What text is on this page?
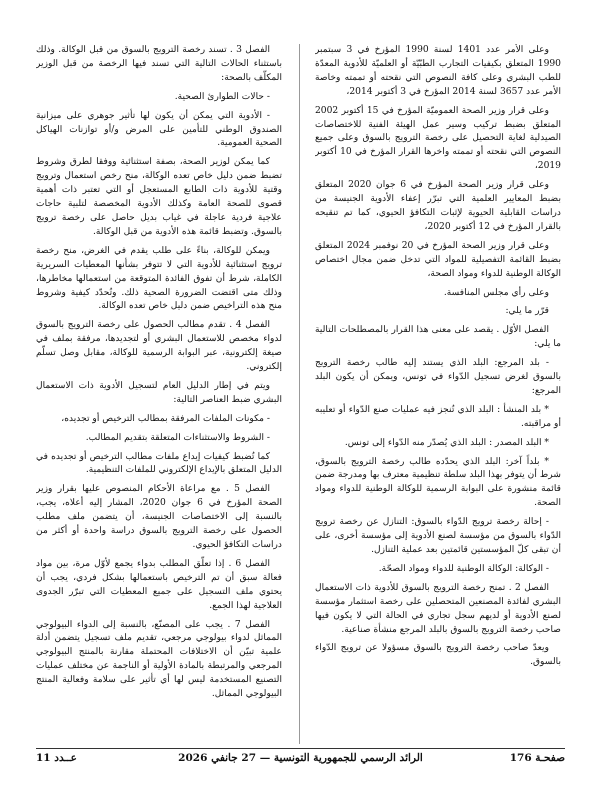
وعلى الأمر عدد 1401 لسنة 1990 المؤرخ في 3 سبتمبر 1990 المتعلق بكيفيات التجارب الطبّيّة أو العلميّة للأدوية المعدّة للطب البشري وعلى كافة النصوص التي نقحته أو تممته وخاصة الأمر عدد 3657 لسنة 2014 المؤرخ في 3 أكتوبر 2014،

وعلى قرار وزير الصحة العموميّة المؤرخ في 15 أكتوبر 2002 المتعلق بضبط تركيب وسير عمل الهيئة الفنية للاختصاصات الصيدلية لغاية التحصيل على رخصة الترويج بالسوق وعلى جميع النصوص التي نقحته أو تممته واخرها القرار المؤرخ في 10 أكتوبر 2019،

وعلى قرار وزير الصحة المؤرخ في 6 جوان 2020 المتعلق بضبط المعايير العلمية التي تبرّر إعفاء الأدوية الجنيسة من دراسات القابلية الحيوية لإثبات التكافؤ الحيوي، كما تم تنقيحه بالقرار المؤرخ في 12 أكتوبر 2020،

وعلى قرار وزير الصحة المؤرخ في 20 نوفمبر 2024 المتعلق بضبط القائمة التفصيلية للمواد التي تدخل ضمن مجال اختصاص الوكالة الوطنية للدواء ومواد الصحة،

وعلى رأي مجلس المنافسة.

قرّر ما يلي:

الفصل الأوّل . يقصد على معنى هذا القرار بالمصطلحات التالية ما يلي:

- بلد المرجع: البلد الذي يستند إليه طالب رخصة الترويج بالسوق لغرض تسجيل الدّواء في تونس، ويمكن أن يكون البلد المرجع:

* بلد المنشأ : البلد الذي تُنجز فيه عمليات صنع الدّواء أو تعليبه أو مراقبته.

* البلد المصدر : البلد الذي يُصدّر منه الدّواء إلى تونس.

* بلداً آخر: البلد الذي يحدّده طالب رخصة الترويج بالسوق، شرط أن يتوفر بهذا البلد سلطة تنظيمية معترف بها ومدرجة ضمن قائمة منشورة على البوابة الرسمية للوكالة الوطنية للدواء ومواد الصحة.

- إحالة رخصة ترويج الدّواء بالسوق: التنازل عن رخصة ترويج الدّواء بالسوق من مؤسسة لصنع الأدوية إلى مؤسسة أخرى، على أن تبقى كلّ المؤسستين قائمتين بعد عملية التنازل.

- الوكالة: الوكالة الوطنية للدواء ومواد الصحّة.

الفصل 2 . تمنح رخصة الترويج بالسوق للأدوية ذات الاستعمال البشري لفائدة المصنعين المتحصلين على رخصة استثمار مؤسسة لصنع الأدوية أو لديهم سجل تجاري في الحالة التي لا يكون فيها صاحب رخصة الترويج بالسوق بالبلد المرجع منشأة صناعية.

ويعدّ صاحب رخصة الترويج بالسوق مسؤولا عن ترويج الدّواء بالسوق.

الفصل 3 . تسند رخصة الترويج بالسوق من قبل الوكالة. وذلك باستثناء الحالات التالية التي تسند فيها الرخصة من قبل الوزير المكلّف بالصحة:

- حالات الطوارئ الصحية.

- الأدوية التي يمكن أن يكون لها تأثير جوهري على ميزانية الصندوق الوطني للتأمين على المرض و/أو توازنات الهياكل الصحية العمومية.

كما يمكن لوزير الصحة، بصفة استثنائية ووفقا لطرق وشروط تضبط ضمن دليل خاص تعده الوكالة، منح رخص استعمال وترويج وقتية للأدوية ذات الطابع المستعجل أو التي تعتبر ذات أهمية قصوى للصحة العامة وكذلك الأدوية المخصصة لتلبية حاجات علاجية فردية عاجلة في غياب بديل حاصل على رخصة ترويج بالسوق. وتضبط قائمة هذه الأدوية من قبل الوكالة.

ويمكن للوكالة، بناءً على طلب يقدم في الغرض، منح رخصة ترويج استثنائية للأدوية التي لا تتوفر بشأنها المعطيات السريرية الكاملة، شرط أن تفوق الفائدة المتوقعة من استعمالها مخاطرها، وذلك متى اقتضت الضرورة الصحية ذلك. وتُحدّد كيفية وشروط منح هذه التراخيص ضمن دليل خاص تعده الوكالة.

الفصل 4 . تقدم مطالب الحصول على رخصة الترويج بالسوق لدواء مخصص للاستعمال البشري أو لتجديدها، مرفقة بملف في صيغة إلكترونية، عبر البوابة الرسمية للوكالة، مقابل وصل تسلّم إلكتروني.

ويتم في إطار الدليل العام لتسجيل الأدوية ذات الاستعمال البشري ضبط العناصر التالية:

- مكونات الملفات المرفقة بمطالب الترخيص أو تجديده،

- الشروط والاستثناءات المتعلقة بتقديم المطالب.

كما تُضبط كيفيات إيداع ملفات مطالب الترخيص أو تجديده في الدليل المتعلق بالإيداع الإلكتروني للملفات التنظيمية.

الفصل 5 . مع مراعاة الأحكام المنصوص عليها بقرار وزير الصحة المؤرخ في 6 جوان 2020، المشار إليه أعلاه، يجب، بالنسبة إلى الاختصاصات الجنيسة، أن يتضمن ملف مطلب الحصول على رخصة الترويج بالسوق دراسة واحدة أو أكثر من دراسات التكافؤ الحيوي.

الفصل 6 . إذا تعلّق المطلب بدواء يجمع لأوّل مرة، بين مواد فعالة سبق أن تم الترخيص باستعمالها بشكل فردي، يجب أن يحتوي ملف التسجيل على جميع المعطيات التي تبرّر الجدوى العلاجية لهذا الجمع.

الفصل 7 . يجب على المصنّع، بالنسبة إلى الدواء البيولوجي المماثل لدواء بيولوجي مرجعي، تقديم ملف تسجيل يتضمن أدلة علمية تبيّن أن الاختلافات المحتملة مقارنة بالمنتج البيولوجي المرجعي والمرتبطة بالمادة الأولية أو الناجمة عن مختلف عمليات التصنيع المستخدمة ليس لها أي تأثير على سلامة وفعالية المنتج البيولوجي المماثل.

صفحـة 176
الرائد الرسمي للجمهورية التونسية — 27 جانفي 2026
عــدد 11
